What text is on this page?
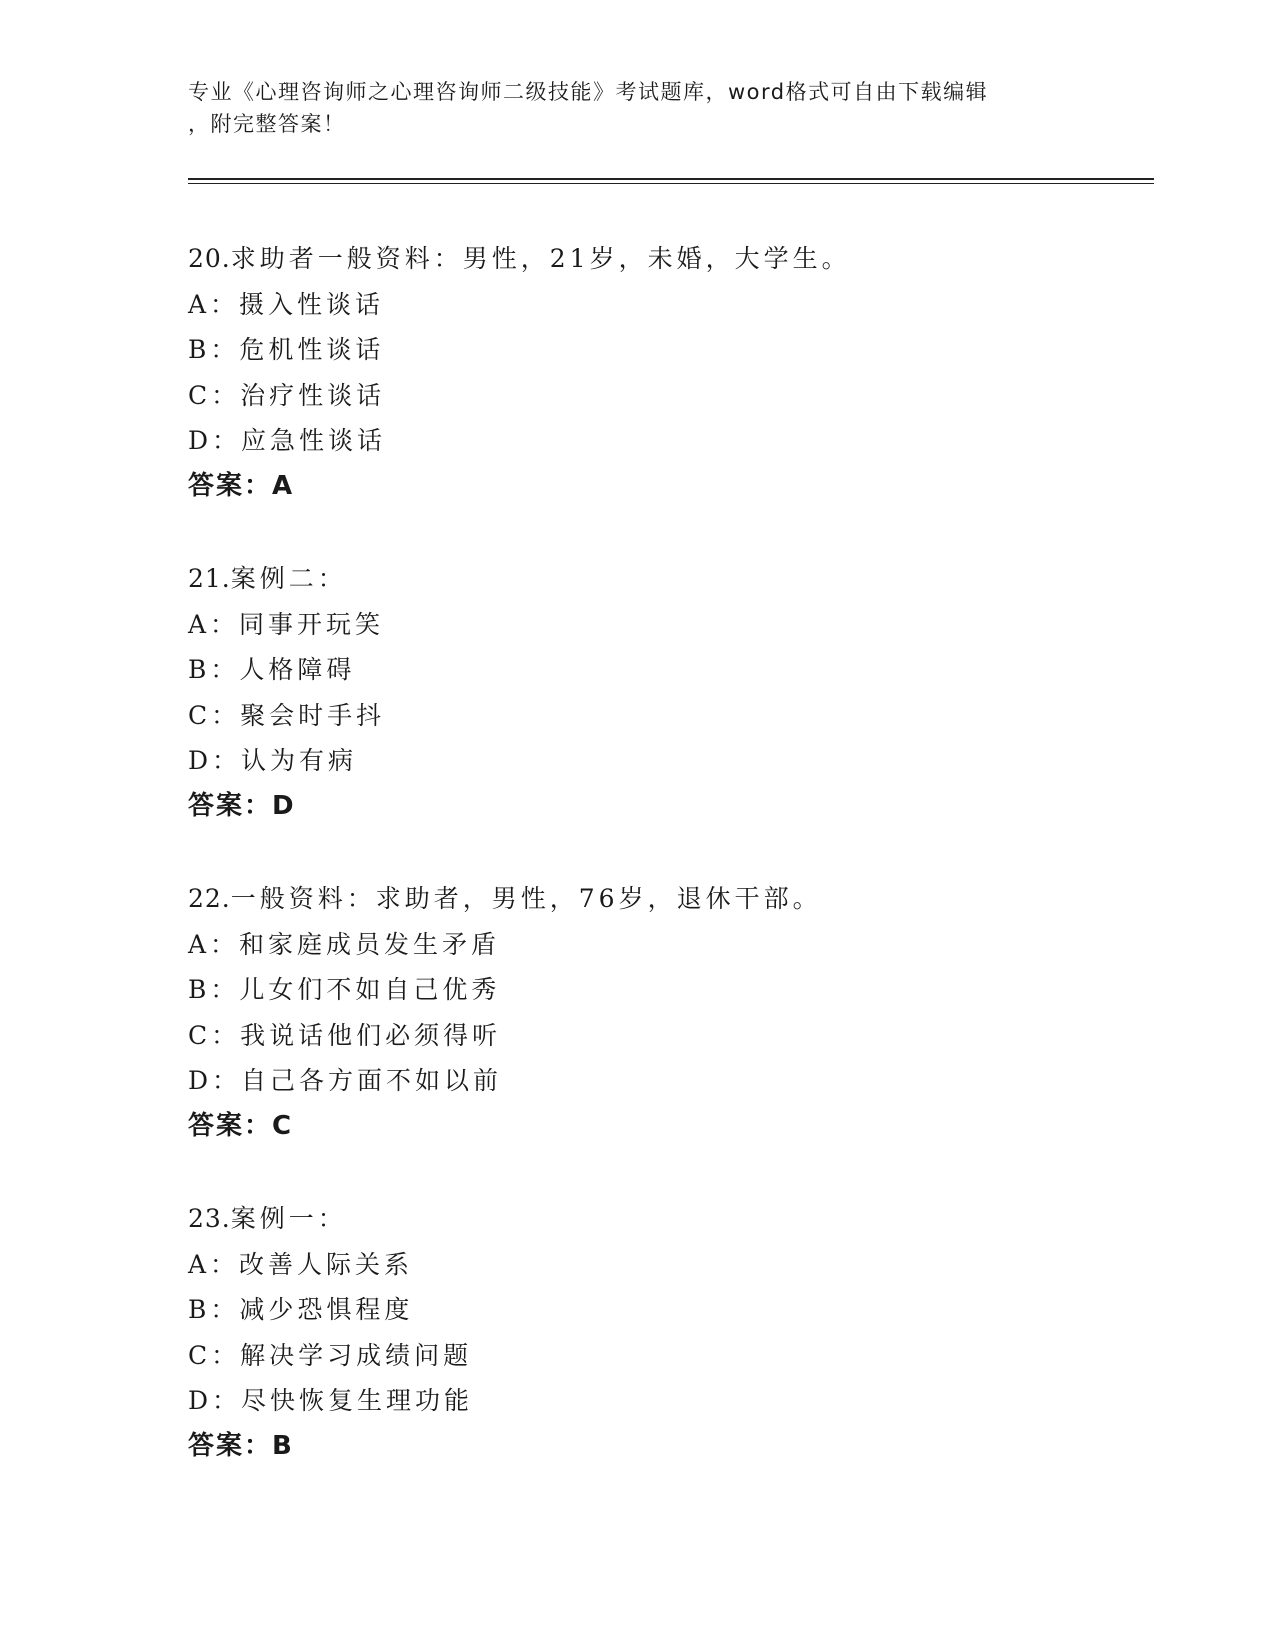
专业《心理咨询师之心理咨询师二级技能》考试题库，word格式可自由下载编辑
，附完整答案！
20.求助者一般资料：男性，21岁，未婚，大学生。
A：摄入性谈话
B：危机性谈话
C：治疗性谈话
D：应急性谈话
答案：A
21.案例二：
A：同事开玩笑
B：人格障碍
C：聚会时手抖
D：认为有病
答案：D
22.一般资料：求助者，男性，76岁，退休干部。
A：和家庭成员发生矛盾
B：儿女们不如自己优秀
C：我说话他们必须得听
D：自己各方面不如以前
答案：C
23.案例一：
A：改善人际关系
B：减少恐惧程度
C：解决学习成绩问题
D：尽快恢复生理功能
答案：B
